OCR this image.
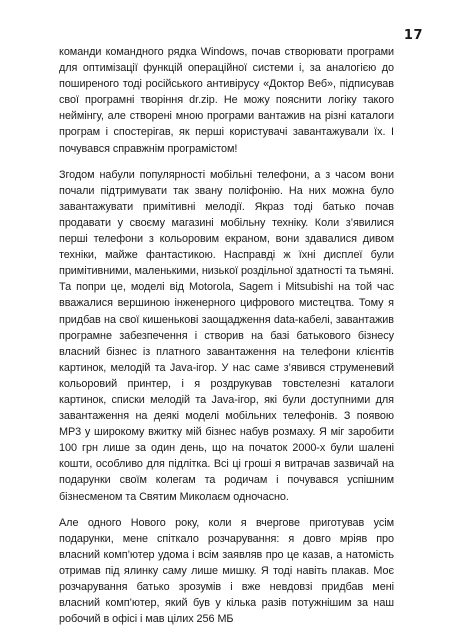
17

команди командного рядка Windows, почав створювати програми для оптимізації функцій операційної системи і, за аналогією до поширеного тоді російського антивірусу «Доктор Веб», підписував свої програмні творіння dr.zip. Не можу пояснити логіку такого неймінгу, але створені мною програми вантажив на різні каталоги програм і спостерігав, як перші користувачі завантажували їх. І почувався справжнім програмістом!

Згодом набули популярності мобільні телефони, а з часом вони почали підтримувати так звану поліфонію. На них можна було завантажувати примітивні мелодії. Якраз тоді батько почав продавати у своєму магазині мобільну техніку. Коли з’явилися перші телефони з кольоровим екраном, вони здавалися дивом техніки, майже фантастикою. Насправді ж їхні дисплеї були примітивними, маленькими, низької роздільної здатності та тьмяні. Та попри це, моделі від Motorola, Sagem і Mitsubishi на той час вважалися вершиною інженерного цифрового мистецтва. Тому я придбав на свої кишенькові заощадження data-кабелі, завантажив програмне забезпечення і створив на базі батькового бізнесу власний бізнес із платного завантаження на телефони клієнтів картинок, мелодій та Java-ігор. У нас саме з’явився струменевий кольоровий принтер, і я роздрукував товстелезні каталоги картинок, списки мелодій та Java-ігор, які були доступними для завантаження на деякі моделі мобільних телефонів. З появою MP3 у широкому вжитку мій бізнес набув розмаху. Я міг заробити 100 грн лише за один день, що на початок 2000-х були шалені кошти, особливо для підлітка. Всі ці гроші я витрачав зазвичай на подарунки своїм колегам та родичам і почувався успішним бізнесменом та Святим Миколаєм одночасно.

Але одного Нового року, коли я вчергове приготував усім подарунки, мене спіткало розчарування: я довго мріяв про власний комп’ютер удома і всім заявляв про це казав, а натомість отримав під ялинку саму лише мишку. Я тоді навіть плакав. Моє розчарування батько зрозумів і вже невдовзі придбав мені власний комп’ютер, який був у кілька разів потужнішим за наш робочий в офісі і мав цілих 256 МБ
